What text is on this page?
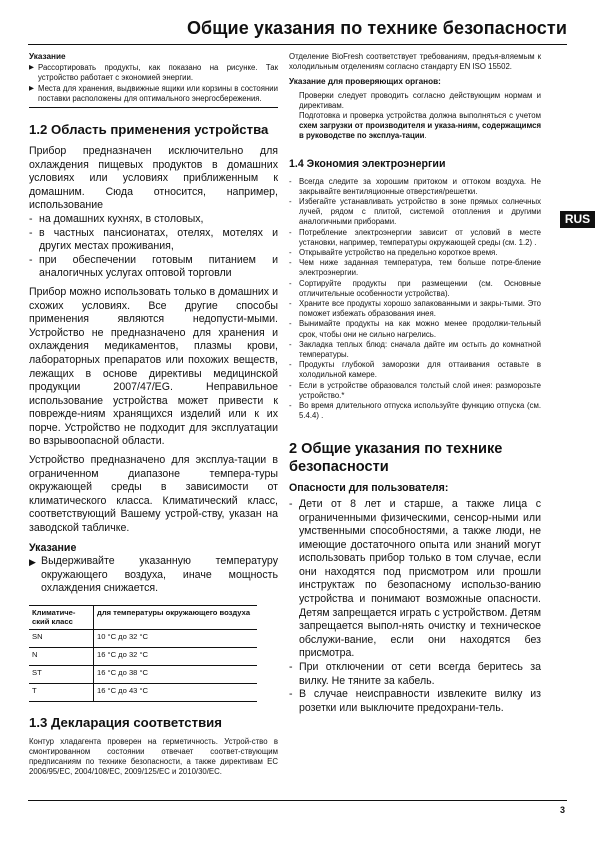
Общие указания по технике безопасности
RUS
Указание
▶ Рассортировать продукты, как показано на рисунке. Так устройство работает с экономией энергии.
▶ Места для хранения, выдвижные ящики или корзины в состоянии поставки расположены для оптимального энергосбережения.
1.2 Область применения устройства

Прибор предназначен исключительно для охлаждения пищевых продуктов в домашних условиях или условиях приближенным к домашним. Сюда относится, например, использование

- на домашних кухнях, в столовых,
- в частных пансионатах, отелях, мотелях и других местах проживания,
- при обеспечении готовым питанием и аналогичных услугах оптовой торговли

Прибор можно использовать только в домашних и схожих условиях. Все другие способы применения являются недопусти-мыми. Устройство не предназначено для хранения и охлаждения медикаментов, плазмы крови, лабораторных препаратов или похожих веществ, лежащих в основе директивы медицинской продукции 2007/47/EG. Неправильное использование устройства может привести к поврежде-ниям хранящихся изделий или к их порче. Устройство не подходит для эксплуатации во взрывоопасной области.

Устройство предназначено для эксплуа-тации в ограниченном диапазоне темпера-туры окружающей среды в зависимости от климатического класса. Климатический класс, соответствующий Вашему устрой-ству, указан на заводской табличке.

Указание
▶ Выдерживайте указанную температуру окружающего воздуха, иначе мощность охлаждения снижается.
Климатиче-ский класс	для температуры окружающего воздуха
SN	10 °C до 32 °C
N	16 °C до 32 °C
ST	16 °C до 38 °C
T	16 °C до 43 °C
1.3 Декларация соответствия

Контур хладагента проверен на герметичность. Устрой-ство в смонтированном состоянии отвечает соответ-ствующим предписаниям по технике безопасности, а также директивам EC 2006/95/EC, 2004/108/EC, 2009/125/EC и 2010/30/EC.

Отделение BioFresh соответствует требованиям, предъя-вляемым к холодильным отделениям согласно стандарту EN ISO 15502.

Указание для проверяющих органов:

Проверки следует проводить согласно действующим нормам и директивам.

Подготовка и проверка устройства должна выполняться с учетом схем загрузки от производителя и указа-ниям, содержащимся в руководстве по эксплуа-тации.

1.4 Экономия электроэнергии
- Всегда следите за хорошим притоком и оттоком воздуха. Не закрывайте вентиляционные отверстия/решетки.
- Избегайте устанавливать устройство в зоне прямых солнечных лучей, рядом с плитой, системой отопления и другими аналогичными приборами.
- Потребление электроэнергии зависит от условий в месте установки, например, температуры окружающей среды (см. 1.2) .
- Открывайте устройство на предельно короткое время.
- Чем ниже заданная температура, тем больше потре-бление электроэнергии.
- Сортируйте продукты при размещении (см. Основные отличительные особенности устройства).
- Храните все продукты хорошо запакованными и закры-тыми. Это поможет избежать образования инея.
- Вынимайте продукты на как можно менее продолжи-тельный срок, чтобы они не сильно нагрелись.
- Закладка теплых блюд: сначала дайте им остыть до комнатной температуры.
- Продукты глубокой заморозки для оттаивания оставьте в холодильной камере.
- Если в устройстве образовался толстый слой инея: разморозьте устройство.*
- Во время длительного отпуска используйте функцию отпуска (см. 5.4.4) .
2 Общие указания по технике безопасности
Опасности для пользователя:
- Дети от 8 лет и старше, а также лица с ограниченными физическими, сенсор-ными или умственными способностями, а также люди, не имеющие достаточного опыта или знаний могут использовать прибор только в том случае, если они находятся под присмотром или прошли инструктаж по безопасному использо-ванию устройства и понимают возможные опасности. Детям запрещается играть с устройством. Детям запрещается выпол-нять очистку и техническое обслужи-вание, если они находятся без присмотра.
- При отключении от сети всегда беритесь за вилку. Не тяните за кабель.
- В случае неисправности извлеките вилку из розетки или выключите предохрани-тель.
3
